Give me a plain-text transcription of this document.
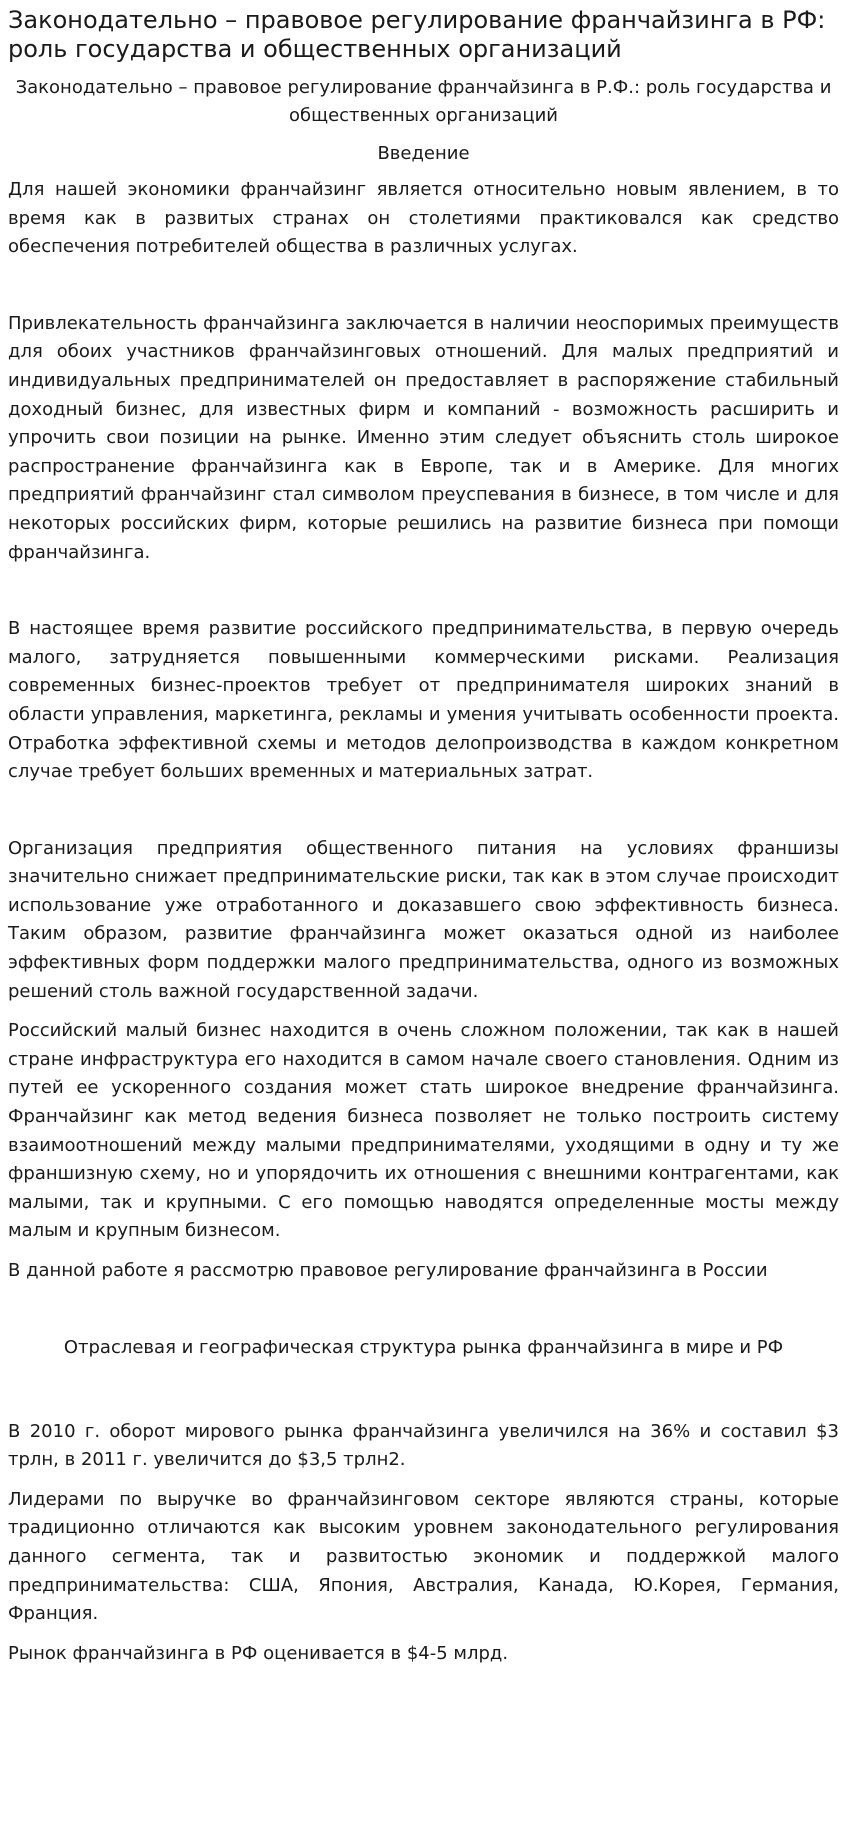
Законодательно – правовое регулирование франчайзинга в РФ: роль государства и общественных организаций
Законодательно – правовое регулирование франчайзинга в Р.Ф.: роль государства и общественных организаций
Введение

Для нашей экономики франчайзинг является относительно новым явлением, в то время как в развитых странах он столетиями практиковался как средство обеспечения потребителей общества в различных услугах.

Привлекательность франчайзинга заключается в наличии неоспоримых преимуществ для обоих участников франчайзинговых отношений. Для малых предприятий и индивидуальных предпринимателей он предоставляет в распоряжение стабильный доходный бизнес, для известных фирм и компаний - возможность расширить и упрочить свои позиции на рынке. Именно этим следует объяснить столь широкое распространение франчайзинга как в Европе, так и в Америке. Для многих предприятий франчайзинг стал символом преуспевания в бизнесе, в том числе и для некоторых российских фирм, которые решились на развитие бизнеса при помощи франчайзинга.

В настоящее время развитие российского предпринимательства, в первую очередь малого, затрудняется повышенными коммерческими рисками. Реализация современных бизнес-проектов требует от предпринимателя широких знаний в области управления, маркетинга, рекламы и умения учитывать особенности проекта. Отработка эффективной схемы и методов делопроизводства в каждом конкретном случае требует больших временных и материальных затрат.

Организация предприятия общественного питания на условиях франшизы значительно снижает предпринимательские риски, так как в этом случае происходит использование уже отработанного и доказавшего свою эффективность бизнеса. Таким образом, развитие франчайзинга может оказаться одной из наиболее эффективных форм поддержки малого предпринимательства, одного из возможных решений столь важной государственной задачи.

Российский малый бизнес находится в очень сложном положении, так как в нашей стране инфраструктура его находится в самом начале своего становления. Одним из путей ее ускоренного создания может стать широкое внедрение франчайзинга. Франчайзинг как метод ведения бизнеса позволяет не только построить систему взаимоотношений между малыми предпринимателями, уходящими в одну и ту же франшизную схему, но и упорядочить их отношения с внешними контрагентами, как малыми, так и крупными. С его помощью наводятся определенные мосты между малым и крупным бизнесом.

В данной работе я рассмотрю правовое регулирование франчайзинга в России

Отраслевая и географическая структура рынка франчайзинга в мире и РФ

В 2010 г. оборот мирового рынка франчайзинга увеличился на 36% и составил $3 трлн, в 2011 г. увеличится до $3,5 трлн2.

Лидерами по выручке во франчайзинговом секторе являются страны, которые традиционно отличаются как высоким уровнем законодательного регулирования данного сегмента, так и развитостью экономик и поддержкой малого предпринимательства: США, Япония, Австралия, Канада, Ю.Корея, Германия, Франция.

Рынок франчайзинга в РФ оценивается в $4-5 млрд.
